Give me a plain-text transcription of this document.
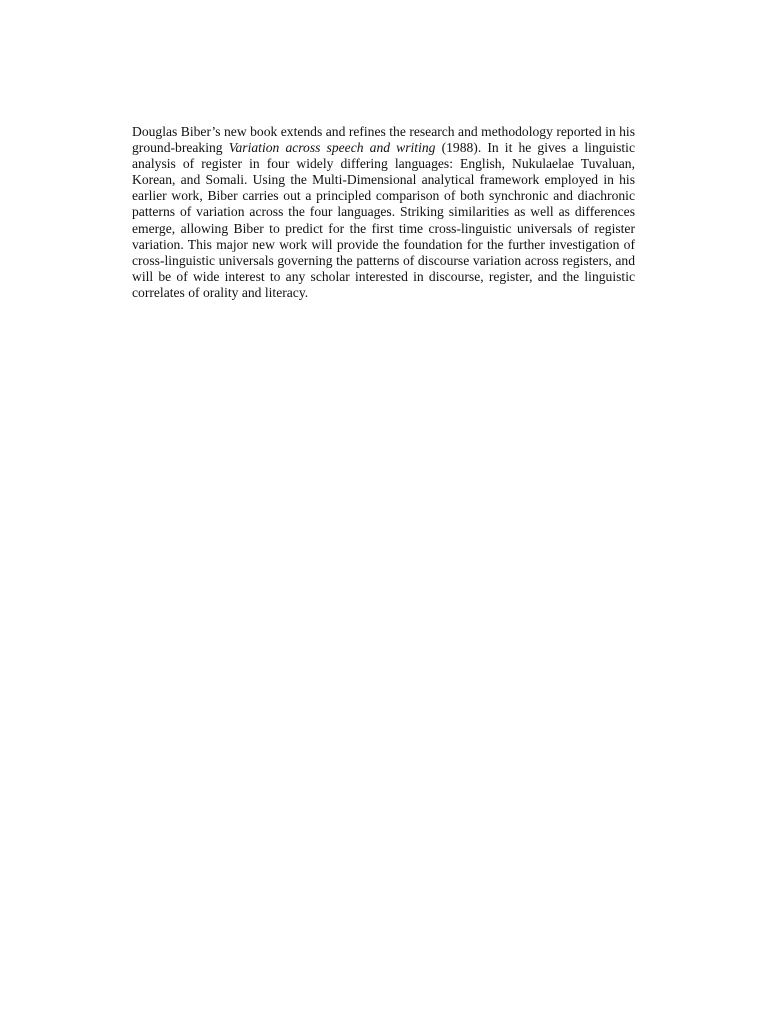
Douglas Biber’s new book extends and refines the research and methodology reported in his ground-breaking Variation across speech and writing (1988). In it he gives a linguistic analysis of register in four widely differing languages: English, Nukulaelae Tuvaluan, Korean, and Somali. Using the Multi-Dimensional analytical framework employed in his earlier work, Biber carries out a principled comparison of both synchronic and diachronic patterns of variation across the four languages. Striking similarities as well as differences emerge, allowing Biber to predict for the first time cross-linguistic universals of register variation. This major new work will provide the foundation for the further investigation of cross-linguistic universals governing the patterns of discourse variation across registers, and will be of wide interest to any scholar interested in discourse, register, and the linguistic correlates of orality and literacy.
